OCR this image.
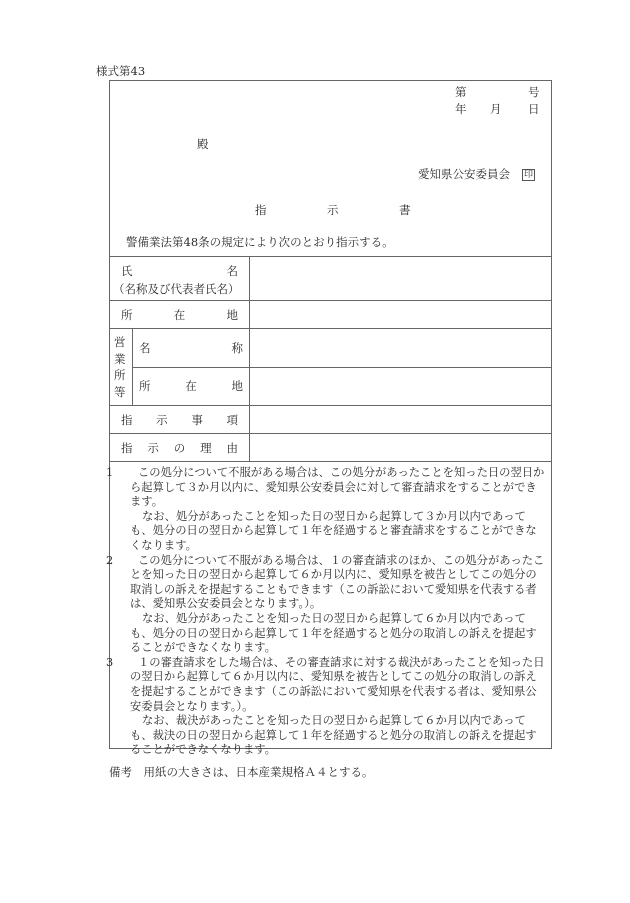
様式第43
第	号
年 月 日
殿
愛知県公安委員会 印
指	示	書
警備業法第48条の規定により次のとおり指示する。
氏	名
（名称及び代表者氏名）
所	在	地
営
業
所
等
名	称
所	在	地
指 示 事 項
指 示 の 理 由

1 この処分について不服がある場合は、この処分があったことを知った日の翌日から起算して３か月以内に、愛知県公安委員会に対して審査請求をすることができます。

なお、処分があったことを知った日の翌日から起算して３か月以内であっても、処分の日の翌日から起算して１年を経過すると審査請求をすることができなくなります。

2 この処分について不服がある場合は、１の審査請求のほか、この処分があったことを知った日の翌日から起算して６か月以内に、愛知県を被告としてこの処分の取消しの訴えを提起することもできます（この訴訟において愛知県を代表する者は、愛知県公安委員会となります。）。

なお、処分があったことを知った日の翌日から起算して６か月以内であっても、処分の日の翌日から起算して１年を経過すると処分の取消しの訴えを提起することができなくなります。

3 １の審査請求をした場合は、その審査請求に対する裁決があったことを知った日の翌日から起算して６か月以内に、愛知県を被告としてこの処分の取消しの訴えを提起することができます（この訴訟において愛知県を代表する者は、愛知県公安委員会となります。）。

なお、裁決があったことを知った日の翌日から起算して６か月以内であっても、裁決の日の翌日から起算して１年を経過すると処分の取消しの訴えを提起することができなくなります。

備考　用紙の大きさは、日本産業規格Ａ４とする。
